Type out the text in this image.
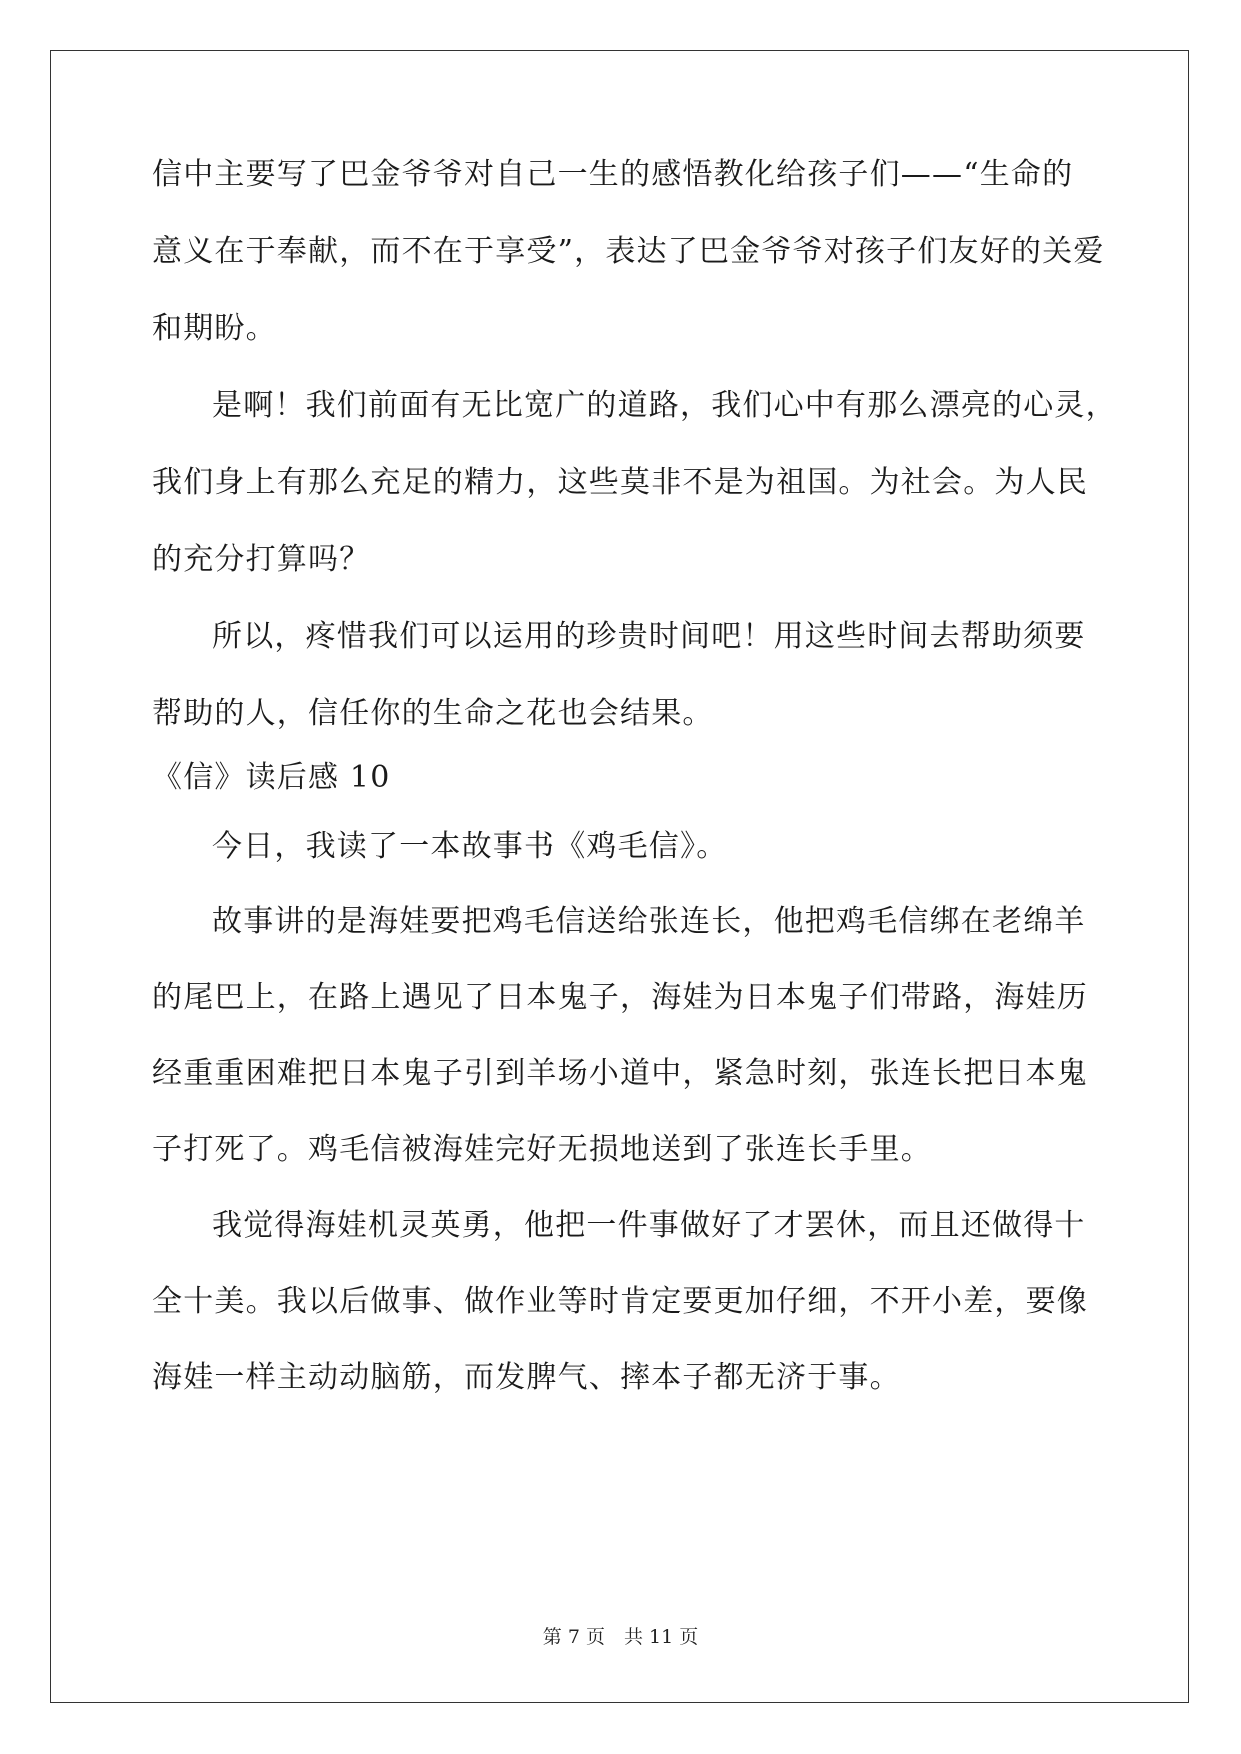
信中主要写了巴金爷爷对自己一生的感悟教化给孩子们——“生命的
意义在于奉献，而不在于享受”，表达了巴金爷爷对孩子们友好的关爱
和期盼。
是啊！我们前面有无比宽广的道路，我们心中有那么漂亮的心灵，
我们身上有那么充足的精力，这些莫非不是为祖国。为社会。为人民
的充分打算吗？
所以，疼惜我们可以运用的珍贵时间吧！用这些时间去帮助须要
帮助的人，信任你的生命之花也会结果。
《信》读后感 10
今日，我读了一本故事书《鸡毛信》。
故事讲的是海娃要把鸡毛信送给张连长，他把鸡毛信绑在老绵羊
的尾巴上，在路上遇见了日本鬼子，海娃为日本鬼子们带路，海娃历
经重重困难把日本鬼子引到羊场小道中，紧急时刻，张连长把日本鬼
子打死了。鸡毛信被海娃完好无损地送到了张连长手里。
我觉得海娃机灵英勇，他把一件事做好了才罢休，而且还做得十
全十美。我以后做事、做作业等时肯定要更加仔细，不开小差，要像
海娃一样主动动脑筋，而发脾气、摔本子都无济于事。
第 7 页　共 11 页
